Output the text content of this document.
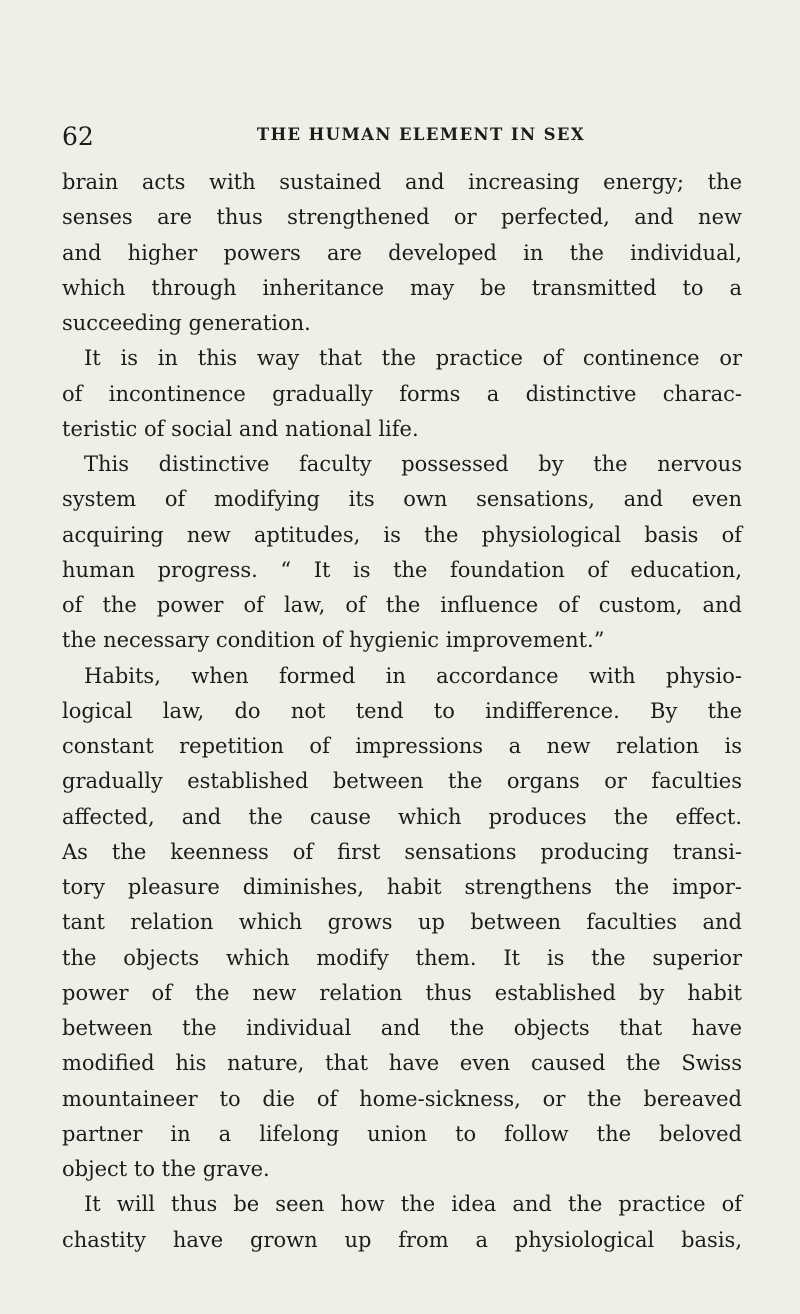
62	THE HUMAN ELEMENT IN SEX
brain acts with sustained and increasing energy; the
senses are thus strengthened or perfected, and new
and higher powers are developed in the individual,
which through inheritance may be transmitted to a
succeeding generation.
It is in this way that the practice of continence or
of incontinence gradually forms a distinctive charac-
teristic of social and national life.
This distinctive faculty possessed by the nervous
system of modifying its own sensations, and even
acquiring new aptitudes, is the physiological basis of
human progress. “ It is the foundation of education,
of the power of law, of the influence of custom, and
the necessary condition of hygienic improvement.”
Habits, when formed in accordance with physio-
logical law, do not tend to indifference. By the
constant repetition of impressions a new relation is
gradually established between the organs or faculties
affected, and the cause which produces the effect.
As the keenness of first sensations producing transi-
tory pleasure diminishes, habit strengthens the impor-
tant relation which grows up between faculties and
the objects which modify them. It is the superior
power of the new relation thus established by habit
between the individual and the objects that have
modified his nature, that have even caused the Swiss
mountaineer to die of home-sickness, or the bereaved
partner in a lifelong union to follow the beloved
object to the grave.
It will thus be seen how the idea and the practice of
chastity have grown up from a physiological basis,
